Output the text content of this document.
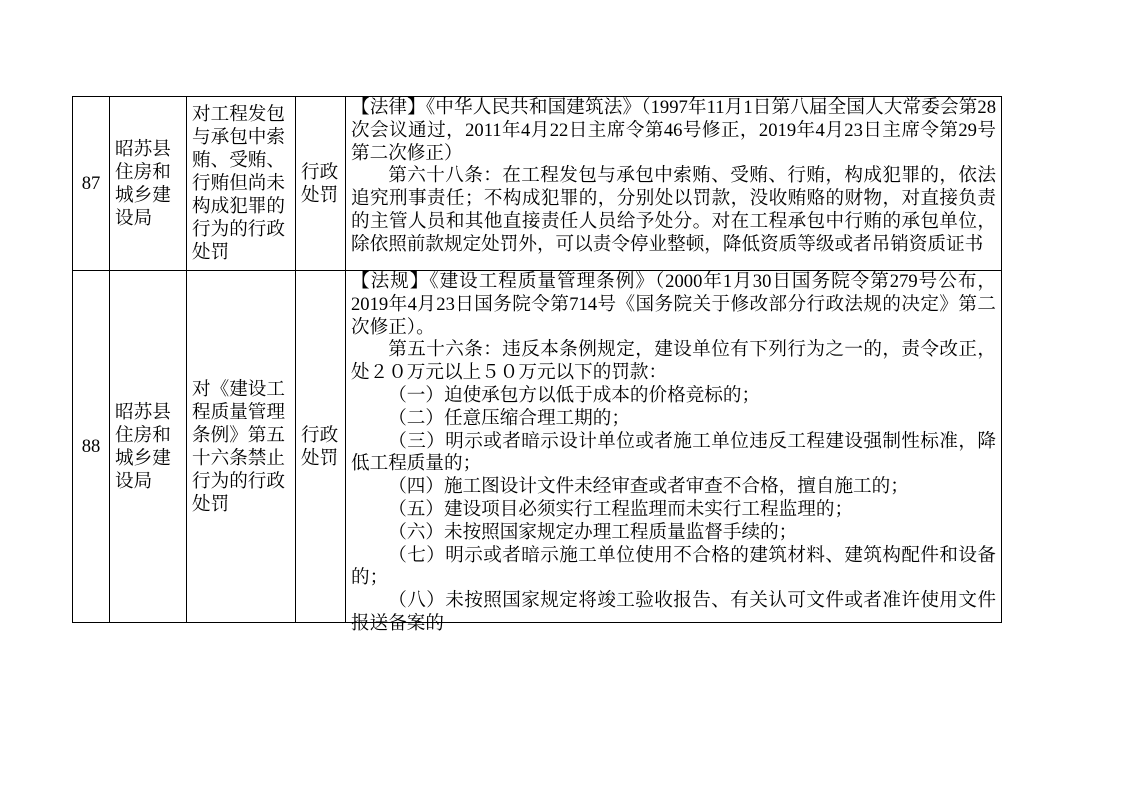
87
昭苏县住房和城乡建设局
对工程发包与承包中索贿、受贿、行贿但尚未构成犯罪的行为的行政处罚
行政处罚

【法律】《中华人民共和国建筑法》（1997年11月1日第八届全国人大常委会第28次会议通过，2011年4月22日主席令第46号修正，2019年4月23日主席令第29号第二次修正）

第六十八条：在工程发包与承包中索贿、受贿、行贿，构成犯罪的，依法追究刑事责任；不构成犯罪的，分别处以罚款，没收贿赂的财物，对直接负责的主管人员和其他直接责任人员给予处分。对在工程承包中行贿的承包单位，除依照前款规定处罚外，可以责令停业整顿，降低资质等级或者吊销资质证书

88
昭苏县住房和城乡建设局
对《建设工程质量管理条例》第五十六条禁止行为的行政处罚
行政处罚

【法规】《建设工程质量管理条例》（2000年1月30日国务院令第279号公布，2019年4月23日国务院令第714号《国务院关于修改部分行政法规的决定》第二次修正）。

第五十六条：违反本条例规定，建设单位有下列行为之一的，责令改正，处２０万元以上５０万元以下的罚款：

（一）迫使承包方以低于成本的价格竞标的；

（二）任意压缩合理工期的；

（三）明示或者暗示设计单位或者施工单位违反工程建设强制性标准，降低工程质量的；

（四）施工图设计文件未经审查或者审查不合格，擅自施工的；

（五）建设项目必须实行工程监理而未实行工程监理的；

（六）未按照国家规定办理工程质量监督手续的；

（七）明示或者暗示施工单位使用不合格的建筑材料、建筑构配件和设备的；

（八）未按照国家规定将竣工验收报告、有关认可文件或者准许使用文件报送备案的
